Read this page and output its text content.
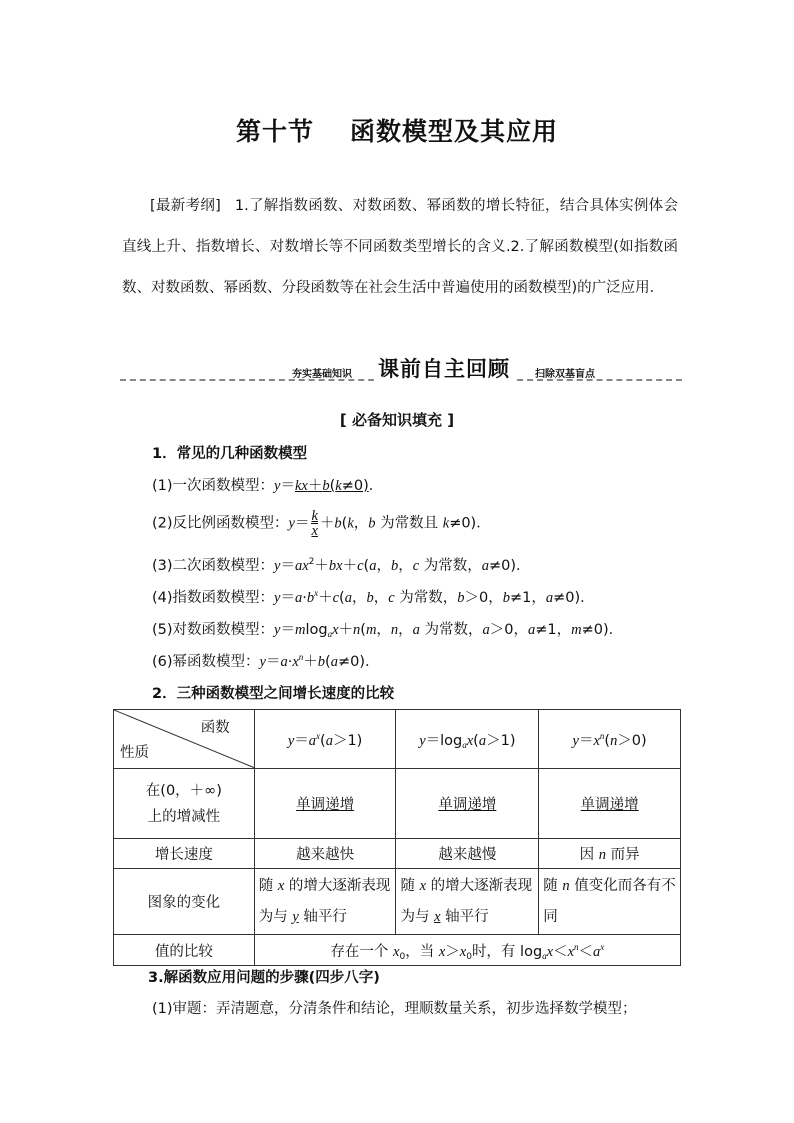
第十节 函数模型及其应用
[最新考纲] 1.了解指数函数、对数函数、幂函数的增长特征，结合具体实例体会直线上升、指数增长、对数增长等不同函数类型增长的含义.2.了解函数模型(如指数函数、对数函数、幂函数、分段函数等在社会生活中普遍使用的函数模型)的广泛应用．
夯实基础知识 课前自主回顾	扫除双基盲点
[ 必备知识填充 ]
1．常见的几种函数模型
(1)一次函数模型：y＝kx＋b(k≠0)．
(2)反比例函数模型：$y= \frac{k}{x} +b(k$，b 为常数且 k≠0)．
(3)二次函数模型：$y=ax^2+bx+c(a$，b，c 为常数，a≠0)．
(4)指数函数模型：$y=a\cdot b^x+c(a$，b，c 为常数，b＞0，b≠1，a≠0)．
(5)对数函数模型：y＝mlog$_a$x＋n(m，n，a 为常数，a＞0，a≠1，m≠0)．
(6)幂函数模型：$y=a\cdot x^n+b(a\ne 0)$．
2．三种函数模型之间增长速度的比较
函数
性质	$y=a^x(a>1)$	$y=\log_ax(a>1)$	$y=x^n(n>0)$
在(0，＋∞)
上的增减性	单调递增	单调递增	单调递增
增长速度	越来越快	越来越慢	因 n 而异
图象的变化	随 x 的增大逐渐表现为与 y 轴平行	随 x 的增大逐渐表现为与 x 轴平行	随 n 值变化而各有不同
值的比较	存在一个 $x_0$，当 $x>x_0$时，有 $\log_ax<x^n<a^x$
3.解函数应用问题的步骤(四步八字)
(1)审题：弄清题意，分清条件和结论，理顺数量关系，初步选择数学模型；
